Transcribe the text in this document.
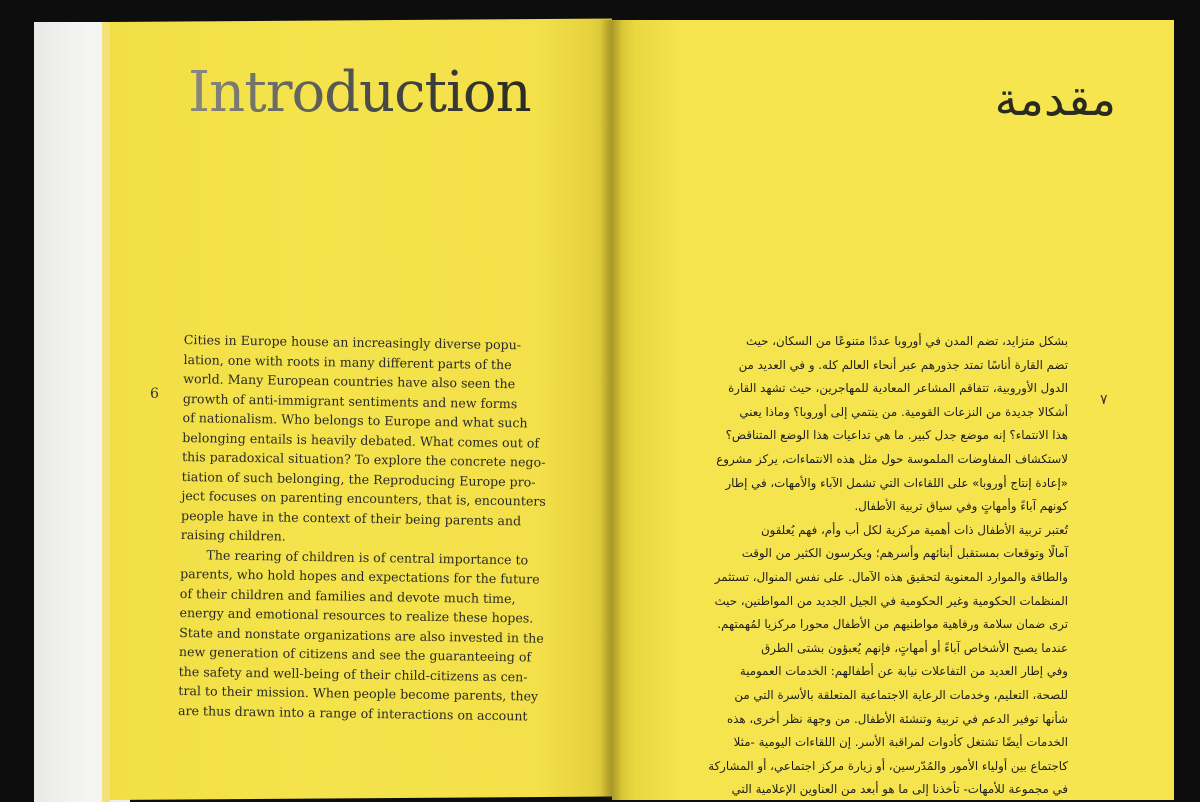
Introduction	مقدمة
6	٧
Cities in Europe house an increasingly diverse popu-
lation, one with roots in many different parts of the
world. Many European countries have also seen the
growth of anti-immigrant sentiments and new forms
of nationalism. Who belongs to Europe and what such
belonging entails is heavily debated. What comes out of
this paradoxical situation? To explore the concrete nego-
tiation of such belonging, the Reproducing Europe pro-
ject focuses on parenting encounters, that is, encounters
people have in the context of their being parents and
raising children.
The rearing of children is of central importance to
parents, who hold hopes and expectations for the future
of their children and families and devote much time,
energy and emotional resources to realize these hopes.
State and nonstate organizations are also invested in the
new generation of citizens and see the guaranteeing of
the safety and well-being of their child-citizens as cen-
tral to their mission. When people become parents, they
are thus drawn into a range of interactions on account
بشكل متزايد، تضم المدن في أوروبا عددًا متنوعًا من السكان، حيث
تضم القارة أناسًا تمتد جذورهم عبر أنحاء العالم كله. و في العديد من
الدول الأوروبية، تتفاقم المشاعر المعادية للمهاجرين، حيث تشهد القارة
أشكالا جديدة من النزعات القومية. من ينتمي إلى أوروبا؟ وماذا يعني
هذا الانتماء؟ إنه موضع جدل كبير. ما هي تداعيات هذا الوضع المتناقض؟
لاستكشاف المفاوضات الملموسة حول مثل هذه الانتماءات، يركز مشروع
«إعادة إنتاج أوروبا» على اللقاءات التي تشمل الآباء والأمهات، في إطار
كونهم آباءً وأمهاتٍ وفي سياق تربية الأطفال.
تُعتبر تربية الأطفال ذات أهمية مركزية لكل أب وأم، فهم يُعلقون
آمالًا وتوقعات بمستقبل أبنائهم وأسرهم؛ ويكرسون الكثير من الوقت
والطاقة والموارد المعنوية لتحقيق هذه الآمال. على نفس المنوال، تستثمر
المنظمات الحكومية وغير الحكومية في الجيل الجديد من المواطنين، حيث
ترى ضمان سلامة ورفاهية مواطنيهم من الأطفال محورا مركزيا لمُهمتهم.
عندما يصبح الأشخاص آباءً أو أمهاتٍ، فإنهم يُعبؤون بشتى الطرق
وفي إطار العديد من التفاعلات نيابة عن أطفالهم: الخدمات العمومية
للصحة، التعليم، وخدمات الرعاية الاجتماعية المتعلقة بالأسرة التي من
شأنها توفير الدعم في تربية وتنشئة الأطفال. من وجهة نظر أخرى، هذه
الخدمات أيضًا تشتغل كأدوات لمراقبة الأسر. إن اللقاءات اليومية -مثلا
كاجتماع بين أولياء الأمور والمُدّرسين، أو زيارة مركز اجتماعي، أو المشاركة
في مجموعة للأمهات- تأخذنا إلى ما هو أبعد من العناوين الإعلامية التي
